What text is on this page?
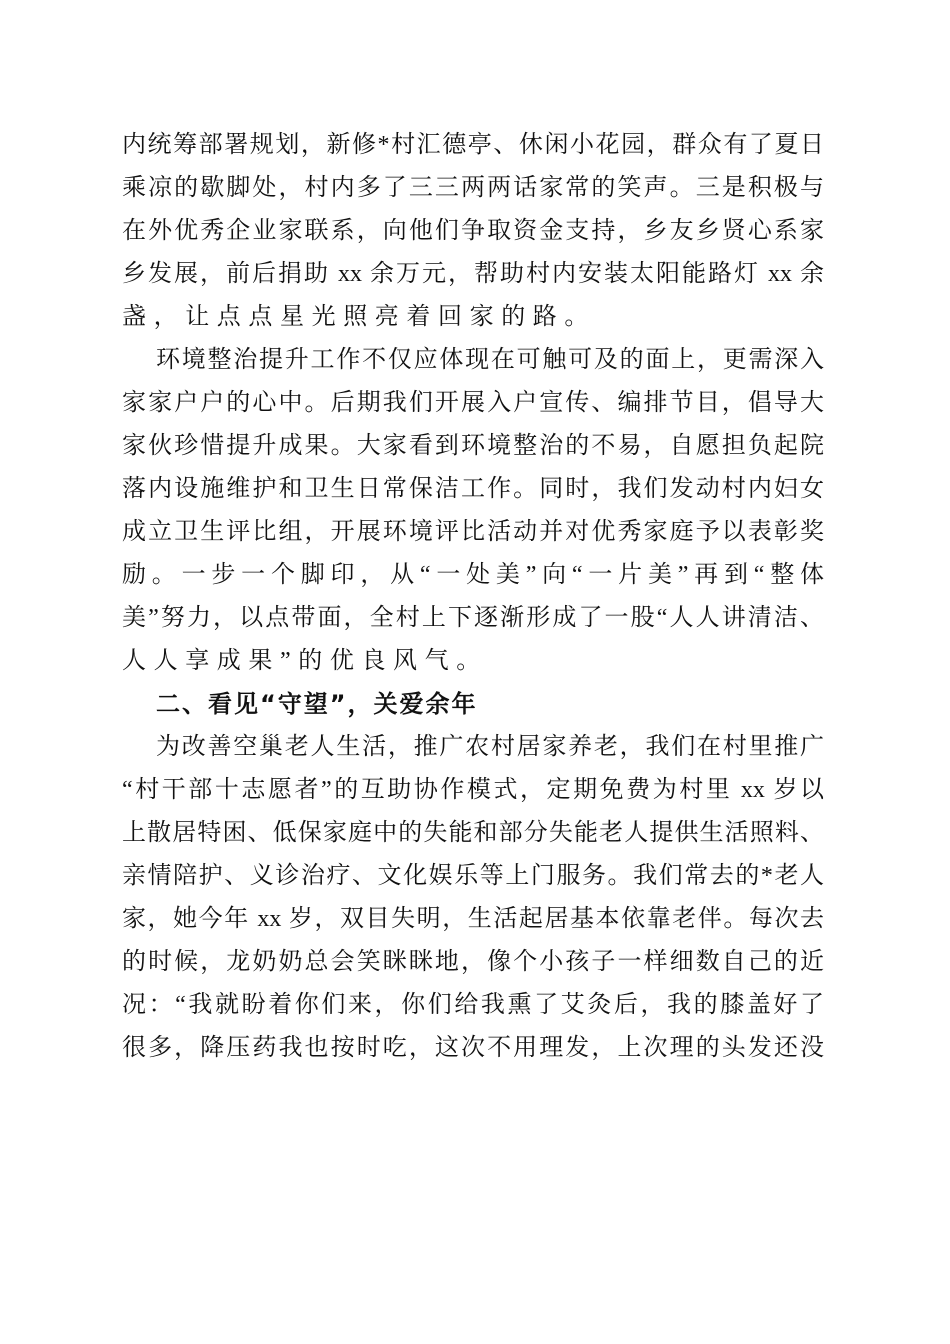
内统筹部署规划，新修*村汇德亭、休闲小花园，群众有了夏日
乘凉的歇脚处，村内多了三三两两话家常的笑声。三是积极与
在外优秀企业家联系，向他们争取资金支持，乡友乡贤心系家
乡发展，前后捐助 xx 余万元，帮助村内安装太阳能路灯 xx 余
盏，让点点星光照亮着回家的路。
环境整治提升工作不仅应体现在可触可及的面上，更需深入
家家户户的心中。后期我们开展入户宣传、编排节目，倡导大
家伙珍惜提升成果。大家看到环境整治的不易，自愿担负起院
落内设施维护和卫生日常保洁工作。同时，我们发动村内妇女
成立卫生评比组，开展环境评比活动并对优秀家庭予以表彰奖
励。一步一个脚印，从“一处美”向“一片美”再到“整体
美”努力，以点带面，全村上下逐渐形成了一股“人人讲清洁、
人人享成果”的优良风气。
二、看见“守望”，关爱余年
为改善空巢老人生活，推广农村居家养老，我们在村里推广
“村干部十志愿者”的互助协作模式，定期免费为村里 xx 岁以
上散居特困、低保家庭中的失能和部分失能老人提供生活照料、
亲情陪护、义诊治疗、文化娱乐等上门服务。我们常去的*老人
家，她今年 xx 岁，双目失明，生活起居基本依靠老伴。每次去
的时候，龙奶奶总会笑眯眯地，像个小孩子一样细数自己的近
况：“我就盼着你们来，你们给我熏了艾灸后，我的膝盖好了
很多，降压药我也按时吃，这次不用理发，上次理的头发还没
